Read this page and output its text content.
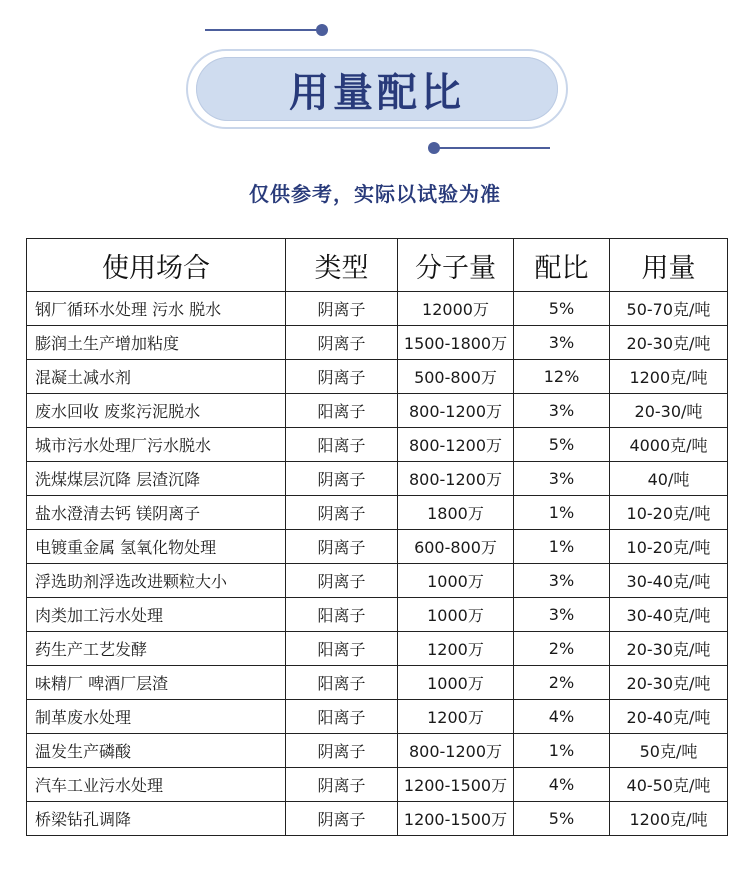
用量配比
仅供参考，实际以试验为准
使用场合	类型	分子量	配比	用量
钢厂循环水处理 污水 脱水	阴离子	12000万	5%	50-70克/吨
膨润土生产增加粘度	阴离子	1500-1800万	3%	20-30克/吨
混凝土减水剂	阴离子	500-800万	12%	1200克/吨
废水回收 废浆污泥脱水	阳离子	800-1200万	3%	20-30/吨
城市污水处理厂污水脱水	阳离子	800-1200万	5%	4000克/吨
洗煤煤层沉降 层渣沉降	阴离子	800-1200万	3%	40/吨
盐水澄清去钙 镁阴离子	阴离子	1800万	1%	10-20克/吨
电镀重金属 氢氧化物处理	阴离子	600-800万	1%	10-20克/吨
浮选助剂浮选改进颗粒大小	阴离子	1000万	3%	30-40克/吨
肉类加工污水处理	阳离子	1000万	3%	30-40克/吨
药生产工艺发酵	阳离子	1200万	2%	20-30克/吨
味精厂 啤酒厂层渣	阳离子	1000万	2%	20-30克/吨
制革废水处理	阳离子	1200万	4%	20-40克/吨
温发生产磷酸	阴离子	800-1200万	1%	50克/吨
汽车工业污水处理	阴离子	1200-1500万	4%	40-50克/吨
桥梁钻孔调降	阴离子	1200-1500万	5%	1200克/吨
